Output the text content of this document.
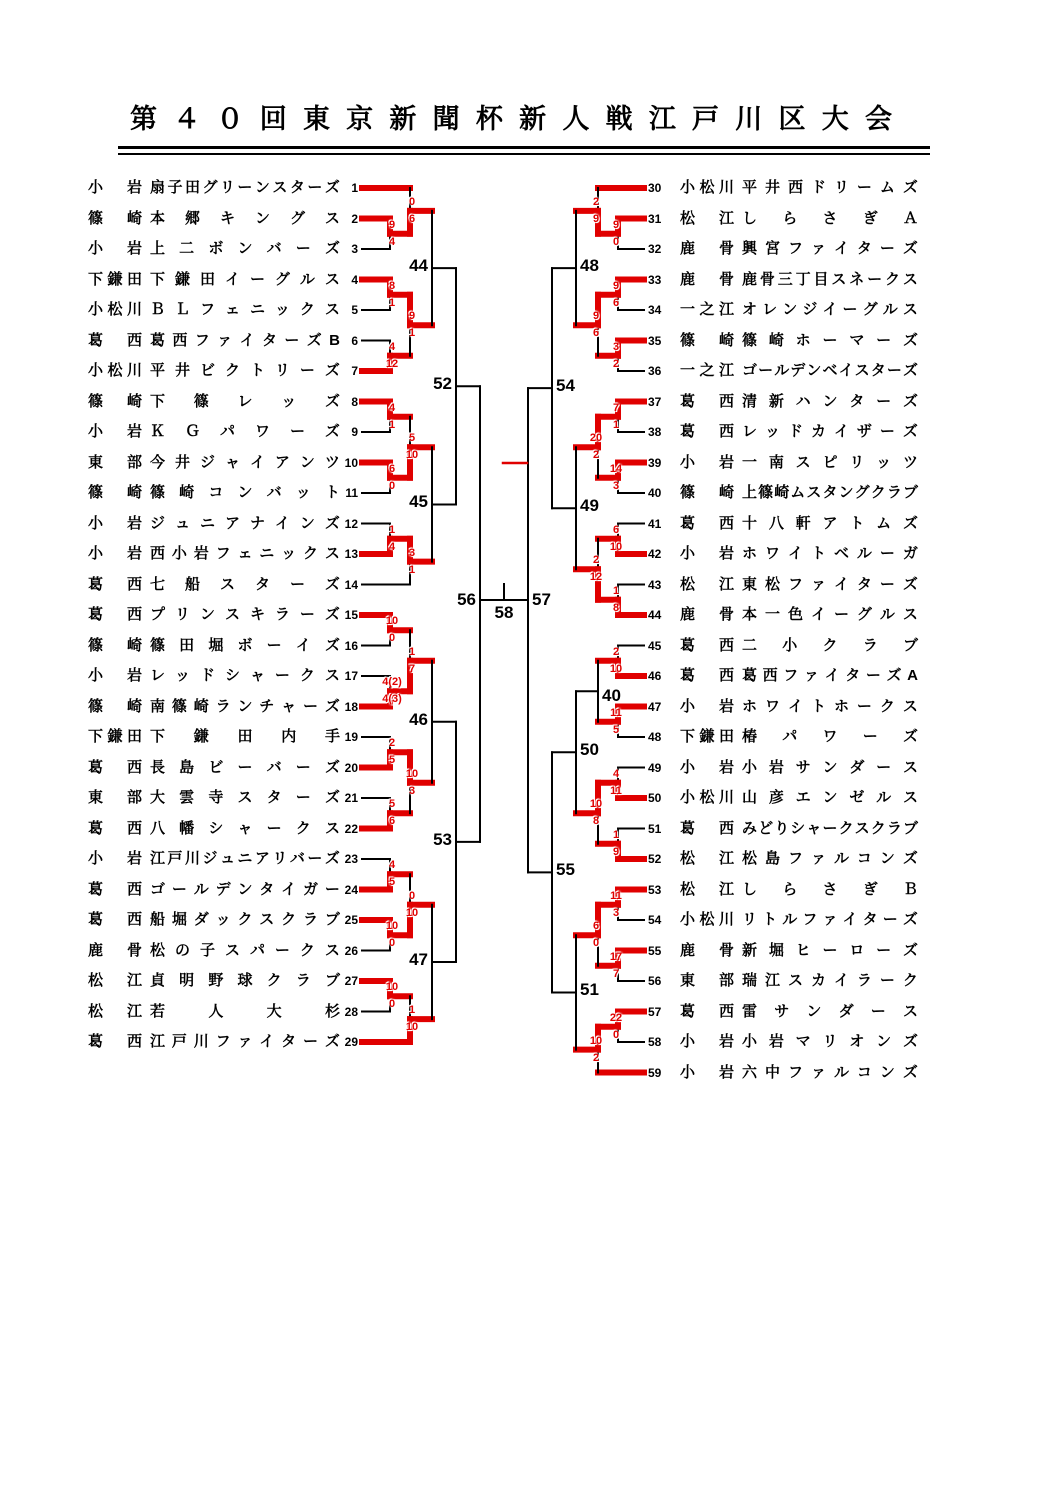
第 ４ ０ 回 東 京 新 聞 杯 新 人 戦 江 戸 川 区 大 会
小 岩 扇 子 田 グ リ ー ン ス タ ー ズ 1
篠 崎 本 郷 キ ン グ ス 2
小 岩 上 二 ボ ン バ ー ズ 3
下 鎌 田 下 鎌 田 イ ー グ ル ス 4
小 松 川 Ｂ Ｌ フ ェ ニ ッ ク ス 5
葛 西 葛 西 フ ァ イ タ ー ズ B 6
小 松 川 平 井 ビ ク ト リ ー ズ 7
篠 崎 下 篠 レ ッ ズ 8
小 岩 Ｋ Ｇ パ ワ ー ズ 9
東 部 今 井 ジ ャ イ ア ン ツ 10
篠 崎 篠 崎 コ ン バ ッ ト 11
小 岩 ジ ュ ニ ア ナ イ ン ズ 12
小 岩 西 小 岩 フ ェ ニ ッ ク ス 13
葛 西 七 船 ス タ ー ズ 14
葛 西 プ リ ン ス キ ラ ー ズ 15
篠 崎 篠 田 堀 ボ ー イ ズ 16
小 岩 レ ッ ド シ ャ ー ク ス 17
篠 崎 南 篠 崎 ラ ン チ ャ ー ズ 18
下 鎌 田 下 鎌 田 内 手 19
葛 西 長 島 ビ ー バ ー ズ 20
東 部 大 雲 寺 ス タ ー ズ 21
葛 西 八 幡 シ ャ ー ク ス 22
小 岩 江 戸 川 ジ ュ ニ ア リ バ ー ズ 23
葛 西 ゴ ー ル デ ン タ イ ガ ー 24
葛 西 船 堀 ダ ッ ク ス ク ラ ブ 25
鹿 骨 松 の 子 ス パ ー ク ス 26
松 江 貞 明 野 球 ク ラ ブ 27
松 江 若	人	大	杉 28
葛 西 江 戸 川 フ ァ イ タ ー ズ 29
9
4
8
1
4
12
0
6
9
1
44
4
1
6
0
1
4
5
10
3
1
45
10
0
4(2)
4(3)
2
5
5
6
1
7
10
3
46
4
5
10
0
10
0
0
10
1
10
47
52
53
56
小 松 川 平 井 西 ド リ ー ム ズ
30
松 江 し ら さ ぎ Ａ
31
鹿 骨 興 宮 フ ァ イ タ ー ズ
32
鹿 骨 鹿 骨 三 丁 目 ス ネ ー ク ス
33
一 之 江 オ レ ン ジ イ ー グ ル ス
34
篠 崎 篠 崎 ホ ー マ ー ズ
35
一 之 江 ゴ ー ル デ ン ベ イ ス タ ー ズ
36
葛 西 清 新 ハ ン タ ー ズ
37
葛 西 レ ッ ド カ イ ザ ー ズ
38
小 岩 一 南 ス ピ リ ッ ツ
39
篠 崎 上 篠 崎 ム ス タ ン グ ク ラ ブ
40
葛 西 十 八 軒 ア ト ム ズ
41
小 岩 ホ ワ イ ト ベ ル ー ガ
42
松 江 東 松 フ ァ イ タ ー ズ
43
鹿 骨 本 一 色 イ ー グ ル ス
44
葛 西 二 小 ク ラ ブ
45
葛 西 葛 西 フ ァ イ タ ー ズ A
46
小 岩 ホ ワ イ ト ホ ー ク ス
47
下 鎌 田 椿 パ ワ ー ズ
48
小 岩 小 岩 サ ン ダ ー ス
49
小 松 川 山 彦 エ ン ゼ ル ス
50
葛 西 み ど り シ ャ ー ク ス ク ラ ブ
51
松 江 松 島 フ ァ ル コ ン ズ
52
松 江 し ら さ ぎ Ｂ
53
小 松 川 リ ト ル フ ァ イ タ ー ズ
54
鹿 骨 新 堀 ヒ ー ロ ー ズ
55
東 部 瑞 江 ス カ イ ラ ー ク
56
葛 西 雷 サ ン ダ ー ス
57
小 岩 小 岩 マ リ オ ン ズ
58
小 岩 六 中 フ ァ ル コ ン ズ
59
9
0
9
6
3
2
2
9
9
6
48
7
1
14
3
6
10
1
8
20
2
2
12
49
2
10
11
5
4
11
1
9
40
10
8
50
11
3
17
7
22
0
6
0
10
2
51
54
55
57
58
